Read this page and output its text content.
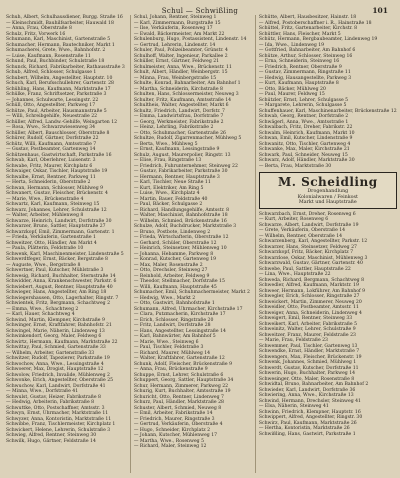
Schul — Schwißling	101
Schuh, Albert, Schulhausdiener, Burgg. Straße 16
— Kleinschmidt, Bauhilfsarbeiter, Hauwald 18
— Anna, Frau, Oberstraße 8
Schulz, Fritz, Vorwerk 16
Schumann, Karl, Maschinist, Gartenstraße 5
Schumacher, Hermann, Bautechniker, Markt 1
Schumacherei, Grete, Wwe., Bahnhofstr. 2
— Luise, Kaufmann, Rosenstraße 11
Schund, Paul, Buchbinder, Schulstraße 18
Schunck, Richard, Fabrikarbeiter, Rathausstraße 3
Schub, Alfred, Schlosser, Schulgasse 1
Schubert, Wilhelm, Angestellter, Hauptstr. 10
Schuch, Karl, Berufsschullehrer, Gartenstr. 28
Schühling, Hans, Kaufmann, Marktstraße 17
Schülke, Franz, Schriftsetzer, Parkstraße 3
— Johannes, Schulwarte, Lessingstr. 22
Schüll, Otto, Angestellter, Parkweg 17
Schütze, Paul, Arbeiter, Hausmannstraße 5
— Willi, Schreibgehilfe, Neuestraße 22
Schüller, Alfred, Landw.-Gehilfe, Weingarten 12
— Rosa, Wwe., Schwarzwiesenweg 34
Schüller, Albert, Bauschlosser, Oberstraße 8
Schürer, Rudolf, Gärtner, Dorfstraße 22
Schütz, Willi, Kaufmann, Amtsstraße 7
— Gustav, Postbeamter, Gartenweg 14
Schützenhaus, Gastwirtschaft, Parkstraße 16
Schwab, Karl, Oberlehrer, Luisenstr. 3
Schwabe, Fritz, Maurer, Kirchplatz 6
Schwaiger, Oskar, Tischler, Hauptstraße 19
Schwalbe, Ernst, Rentner, Parkweg 11
— Herta, Schneiderin, Oberstraße 2
Schwan, Hermann, Schlosser, Mühlweg 9
Schwanert, Gustav, Fleischer, Brückenstr. 4
— Marie, Wwe., Brückenstraße 4
Schwartz, Karl, Kaufmann, Steinweg 15
Schwarz, Johannes, Lehrer, Schulstraße 12
— Walter, Arbeiter, Mühlenweg 8
Schwarze, Heinrich, Landwirt, Dorfstraße 30
Schwarzer, Bruno, Sattler, Hauptstraße 27
Schwarzkopf, Emil, Zimmermann, Gartenstr. 1
— Frieda, Verkäuferin, Gartenstraße 1
Schweitzer, Otto, Händler, Am Markt 4
— Paula, Plätterin, Feldstraße 10
Schwenk, Karl, Maschinenmeister, Lindenstraße 5
Schwerdtfeger, Ernst, Bäcker, Bergstraße 8
— Auguste, Wwe., Bergstraße 8
Schwertner, Paul, Kutscher, Mühlstraße 3
Schwesig, Richard, Buchhalter, Sternstraße 14
Schwidder, Anna, Krankenschwester, Parkstr. 6
Schwiebert, August, Rentner, Hauptstraße 40
Schwieger, Hans, Angestellter, Am Ring 18
Schwiegershausen, Otto, Lagerhalter, Ringstr. 7
Schwientek, Fritz, Bergmann, Schachtweg 2
— Emma, Wwe., Schachtweg 2
— Karl, Hauer, Schachtweg 4
Schwind, Martin, Klempner, Kirchstraße 9
Schwinger, Ernst, Kraftfahrer, Bahnhofstr. 21
Schwingel, Marie, Näherin, Lindenweg 13
Schwinkendorf, Georg, Maler, Feldweg 6
Schwirtz, Hermann, Kaufmann, Marktstraße 22
Schwittay, Paul, Schmied, Gartenstraße 33
— Wilhelm, Arbeiter, Gartenstraße 33
Schwitzer, Rudolf, Tapezierer, Parkstraße 19
Schwochow, Anna, Wwe., Lessingstraße 4
Schwoerer, Max, Drogist, Hauptstraße 12
Schwolow, Friedrich, Invalide, Mühlenweg 2
Schwonke, Erich, Angestellter, Oberstraße 25
Schwuchow, Karl, Landwirt, Dorfstraße 41
— Minna, Wwe., Dorfstraße 41
Schwulst, Gustav, Heizer, Fabrikstraße 8
— Hedwig, Arbeiterin, Fabrikstraße 8
Schwuttke, Otto, Postschaffner, Amtsstr. 3
Schwyn, Ernst, Uhrmacher, Marktstraße 11
Schwyzer, Anna, Kontoristin, Marktstraße 11
Schwibbe, Franz, Tischlermeister, Kirchplatz 1
Schwickert, Helene, Lehrerin, Schulstraße 3
Schwieg, Alfred, Rentner, Steinweg 30
Schwilk, Hugo, Gärtner, Feldstraße 14
Schul, Johann, Rentner, Steinweg 1
— Karl, Zimmermann, Burgstraße 15
— Ilse, Verkäuferin, Rosenweg 17
— Ewald, Bäckermeister, Am Markt 22
Schulenburg, Hugo, Postassistent, Lindenstr. 14
— Gertrud, Lehrerin, Lindenstr. 14
Schuler, Paul, Polizeibeamter, Grünstr. 4
Schulhoff, Walter, Ingenieur, Parkallee 2
Schüller, Ernst, Gärtner, Feldweg 21
Schulmeister, Anna, Wwe., Brückenstr. 11
Schult, Albert, Händler, Weinbergstr. 15
— Minna, Frau, Weinbergstraße 15
Schulte, Konrad, Bahnarbeiter, Am Bahnhof 1
— Martha, Schneiderin, Kirchstraße 8
Schulten, Hans, Schlossermeister, Neuweg 3
Schulter, Fritz, Kaufmann, Amtsstraße 14
Schultheis, Walter, Angestellter, Markt 6
Schultz, Friedrich, Landwirt, Dorfstr. 7
— Emma, Landwirtsfrau, Dorfstraße 7
— Georg, Werkmeister, Fabrikstraße 2
— Heinz, Lehrling, Fabrikstraße 2
— Otto, Schuhmacher, Gartenstraße 26
Schultze, Rudolf, Zigarrenmacher, Mühlweg 5
— Berta, Wwe., Mühlweg 5
— Ernst, Kaufmann, Lessingstraße 9
Schulz, August, Maurerpolier, Ringstr. 13
— Elise, Frau, Ringstraße 13
— Friedrich, Fuhrunternehmer, Steinweg 22
— Gustav, Fabrikarbeiter, Parkstraße 30
— Hermann, Rentner, Hauptstraße 3
— Karl, Tischler, Neue Straße 11
— Kurt, Elektriker, Am Ring 5
— Luise, Wwe., Kirchplatz 4
— Martin, Bauer, Feldstraße 40
— Paul, Bäcker, Schulgasse 2
— Richard, Handlungsgehilfe, Amtsstr. 8
— Walter, Maschinist, Bahnhofstraße 18
— Wilhelm, Schmied, Brückenstraße 16
Schulze, Adolf, Buchdrucker, Marktstraße 3
— Bruno, Postbote, Lindenweg 2
— Frieda, Wirtschafterin, Oberstraße 12
— Gerhard, Schüler, Oberstraße 12
— Heinrich, Steinsetzer, Mühlenweg 10
— Johanna, Hebamme, Parkweg 8
— Konrad, Kutscher, Gartenweg 19
— Max, Maler, Rosenstraße 2
— Otto, Drechsler, Steinweg 27
— Reinhold, Arbeiter, Feldweg 9
— Theodor, Stellmacher, Dorfstraße 15
— Willi, Kaufmann, Hauptstraße 45
Schumacher, Emil, Schuhmachermeister, Markt 2
— Hedwig, Wwe., Markt 2
— Otto, Gastwirt, Bahnhofstraße 1
Schumann, Alfred, Uhrmacher, Kirchstraße 17
— Clara, Putzmacherin, Kirchstraße 17
— Erich, Schlosser, Ringstraße 20
— Fritz, Landwirt, Dorfstraße 28
— Hans, Angestellter, Lessingstraße 14
— Karl, Bahnwärter, Am Bahnhof 5
— Marie, Wwe., Steinweg 6
— Paul, Tischler, Feldstraße 3
— Richard, Maurer, Mühlweg 14
— Walter, Kraftfahrer, Gartenstraße 12
Schunk, Adolf, Fleischer, Brückenstraße 9
— Anna, Frau, Brückenstraße 9
Schuppe, Ernst, Lehrer, Schulstraße 6
Schuppert, Georg, Sattler, Hauptstraße 34
Schur, Hermann, Zimmerer, Parkweg 22
Schurig, Kurt, Buchhalter, Amtsstraße 19
Schuricht, Otto, Rentner, Lindenweg 7
Schurz, Paul, Händler, Marktstraße 28
Schuster, Albert, Schmied, Neuweg 8
— Emil, Arbeiter, Fabrikstraße 14
— Friedrich, Maurer, Ringstraße 3
— Gertrud, Verkäuferin, Oberstraße 4
— Hugo, Schneider, Kirchplatz 2
— Johann, Kutscher, Mühlenweg 17
— Martha, Wwe., Rosenweg 5
— Richard, Maler, Steinweg 12
Schütte, Albert, Hausbesitzer, Hainstr. 18
— Alfred, Postoberschaffner i. R., Hainstraße 18
Schüttel, Fritz, Gartenarbeiter, Kirchstr. 8
Schüttler, Hans, Fleischer, Markt 5
Schütz, Hermann, Bergbaubeamter, Lindenweg 19
— Ida, Wwe., Lindenweg 19
— Gottfried, Bahnarbeiter, Am Bahnhof 6
Schütze, Arthur, Schlosser, Steinweg 16
— Erna, Schneiderin, Steinweg 16
— Friedrich, Rentner, Oberstraße 9
— Gustav, Zimmermann, Ringstraße 11
— Hedwig, Hausangestellte, Parkweg 3
— Kurt, Kaufmann, Hauptstraße 8
— Otto, Bäcker, Mühlweg 20
— Paul, Maurer, Feldweg 15
Schützler, Ernst, Lehrer, Schulgasse 5
— Margarete, Lehrerin, Schulgasse 5
Schuffenhauer, Karl, Maschinenarbeiter, Brückenstraße 12
Schwab, Georg, Rentner, Dorfstraße 2
Schwägerl, Anna, Wwe., Amtsstraße 1
Schwalbach, Fritz, Dreher, Fabrikstr. 22
Schwalm, Heinrich, Kaufmann, Markt 10
Schwan, Emil, Kutscher, Lindenstraße 9
Schwanitz, Otto, Tischler, Gartenweg 4
Schwanke, Max, Maler, Kirchstraße 21
Schwark, Paul, Schneider, Neuweg 15
Schwarz, Adolf, Händler, Marktstraße 30
— Berta, Frau, Marktstraße 30
M. Scheidling
Drogenhandlung
Kolonialwaren / Feinkost
Markt und Hauptstraße
Schwarzbach, Ernst, Dreher, Rosenweg 6
— Kurt, Arbeiter, Rosenweg 6
Schwarze, Albert, Landwirt, Dorfstraße 19
— Grete, Verkäuferin, Oberstraße 14
— Wilhelm, Rentner, Oberstraße 14
Schwarzenberg, Karl, Angestellter, Parkstr. 12
Schwarzer, Hans, Steinsetzer, Feldweg 27
Schwarzkopf, Fritz, Bäcker, Kirchplatz 7
Schwarzlose, Oskar, Maschinist, Mühlenweg 3
Schwarzwald, Gustav, Gärtner, Gartenstr. 40
Schwebe, Paul, Sattler, Hauptstraße 22
— Lina, Wwe., Hauptstraße 22
Schweda, Richard, Bergmann, Schachtweg 8
Schwedler, Alfred, Kaufmann, Marktstr. 19
Schweer, Hermann, Lokführer, Am Bahnhof 9
Schwegler, Erich, Schlosser, Ringstraße 27
Schweickert, Martin, Zimmerer, Neuweg 20
Schweidler, Otto, Postbeamter, Amtsstr. 11
Schweiger, Anna, Schneiderin, Lindenweg 4
Schweigert, Emil, Rentner, Steinweg 33
Schweikert, Karl, Arbeiter, Fabrikstraße 5
Schweinitz, Walter, Lehrer, Schulstraße 9
Schweitzer, Franz, Maurer, Feldstraße 23
— Marie, Frau, Feldstraße 23
Schwemmer, Paul, Tischler, Gartenweg 13
Schwendke, Ernst, Händler, Marktstraße 7
Schwengers, Max, Fleischer, Brückenstr. 19
Schwenk, Johannes, Schmied, Mühlweg 1
Schwerdt, Gustav, Kutscher, Dorfstraße 11
Schwerin, Hugo, Buchhalter, Parkweg 14
Schwesinger, Otto, Maler, Rosenstraße 8
Schwidtal, Bruno, Bahnarbeiter, Am Bahnhof 2
Schwieder, Karl, Landwirt, Dorfstraße 36
Schwiering, Anna, Wwe., Kirchstraße 13
Schwind, Hermann, Drechsler, Steinweg 41
— Elsa, Näherin, Steinweg 41
Schwinn, Friedrich, Klempner, Hauptstr. 16
Schwippert, Alfred, Angestellter, Ringstr. 30
Schwirz, Paul, Kaufmann, Marktstraße 26
— Hertha, Kontoristin, Marktstraße 26
Schwißling, Hans, Gastwirt, Parkstraße 1
